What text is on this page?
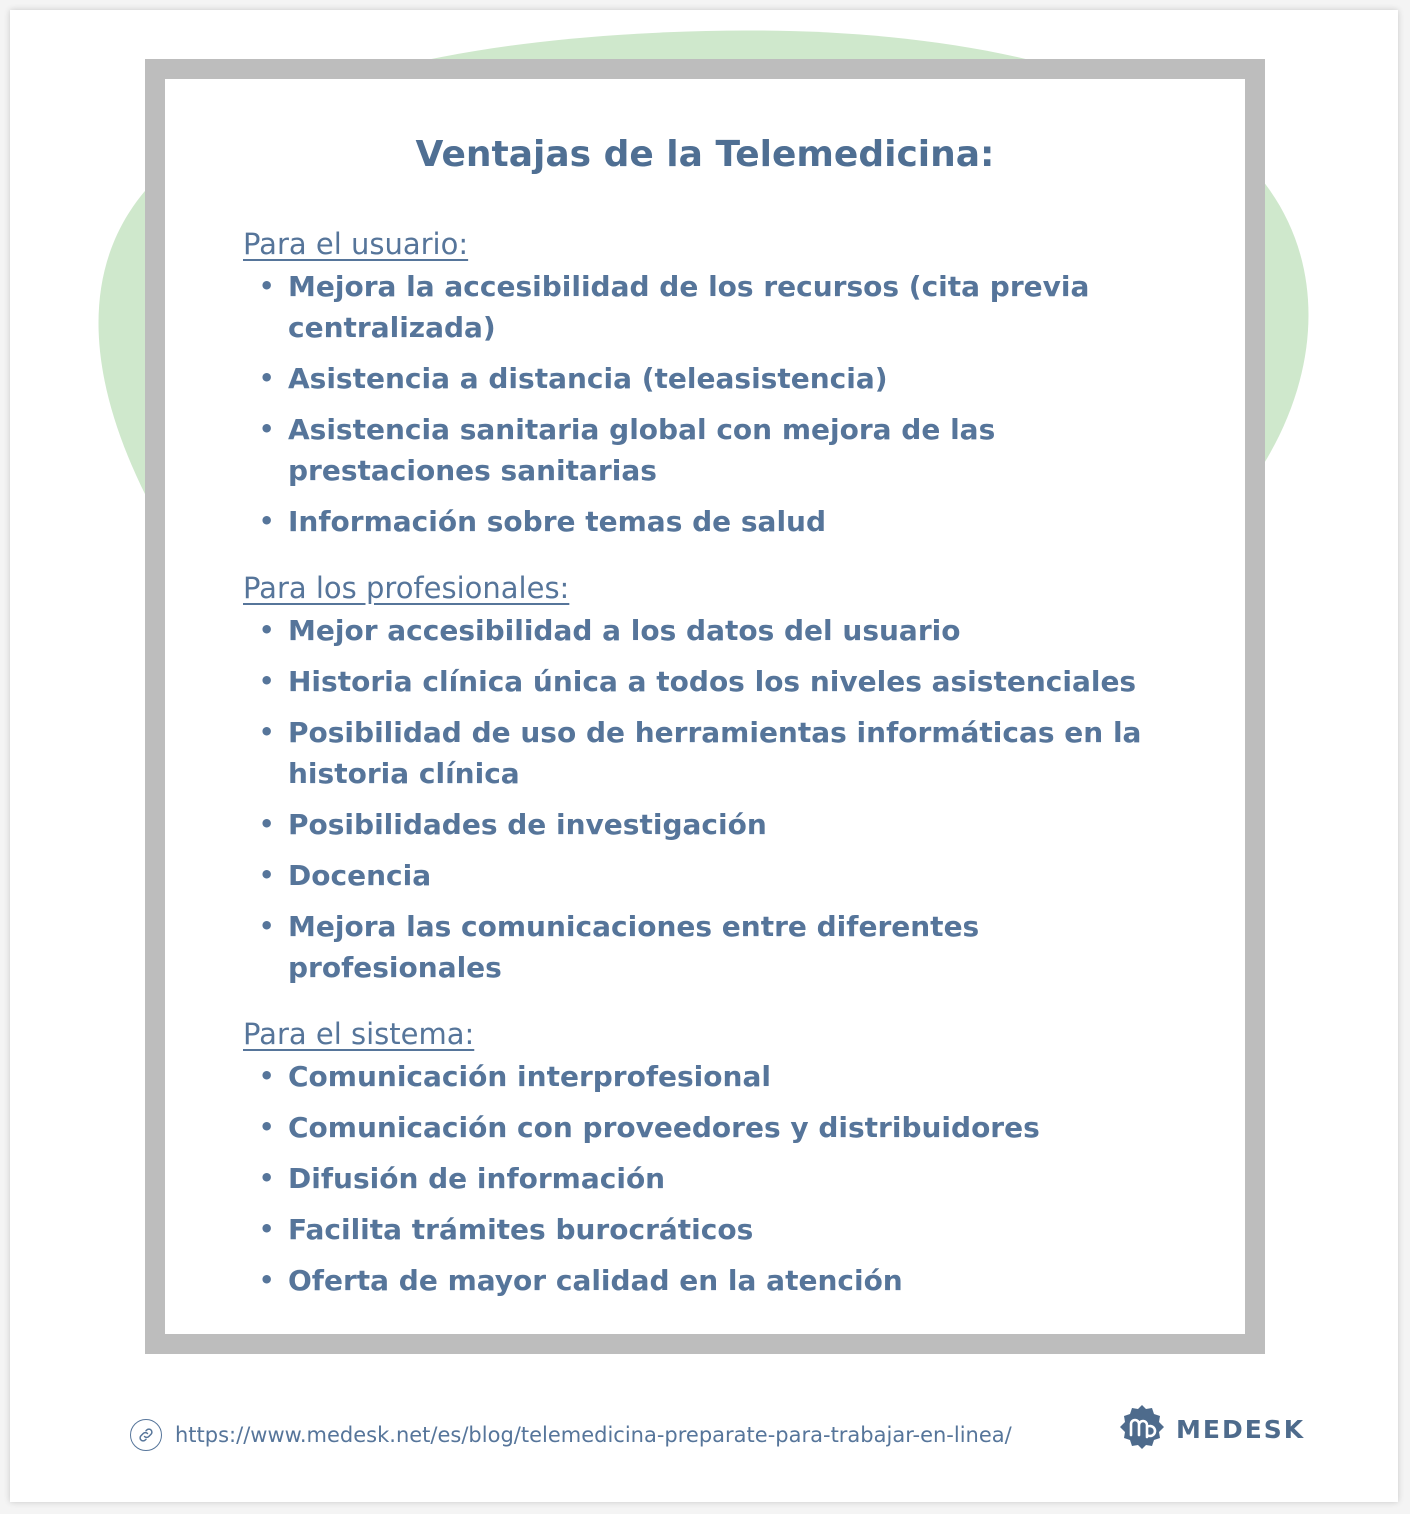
Ventajas de la Telemedicina:
Para el usuario:
• Mejora la accesibilidad de los recursos (cita previa centralizada)
• Asistencia a distancia (teleasistencia)
• Asistencia sanitaria global con mejora de las prestaciones sanitarias
• Información sobre temas de salud
Para los profesionales:
• Mejor accesibilidad a los datos del usuario
• Historia clínica única a todos los niveles asistenciales
• Posibilidad de uso de herramientas informáticas en la historia clínica
• Posibilidades de investigación
• Docencia
• Mejora las comunicaciones entre diferentes profesionales
Para el sistema:
• Comunicación interprofesional
• Comunicación con proveedores y distribuidores
• Difusión de información
• Facilita trámites burocráticos
• Oferta de mayor calidad en la atención
https://www.medesk.net/es/blog/telemedicina-preparate-para-trabajar-en-linea/	MEDESK
